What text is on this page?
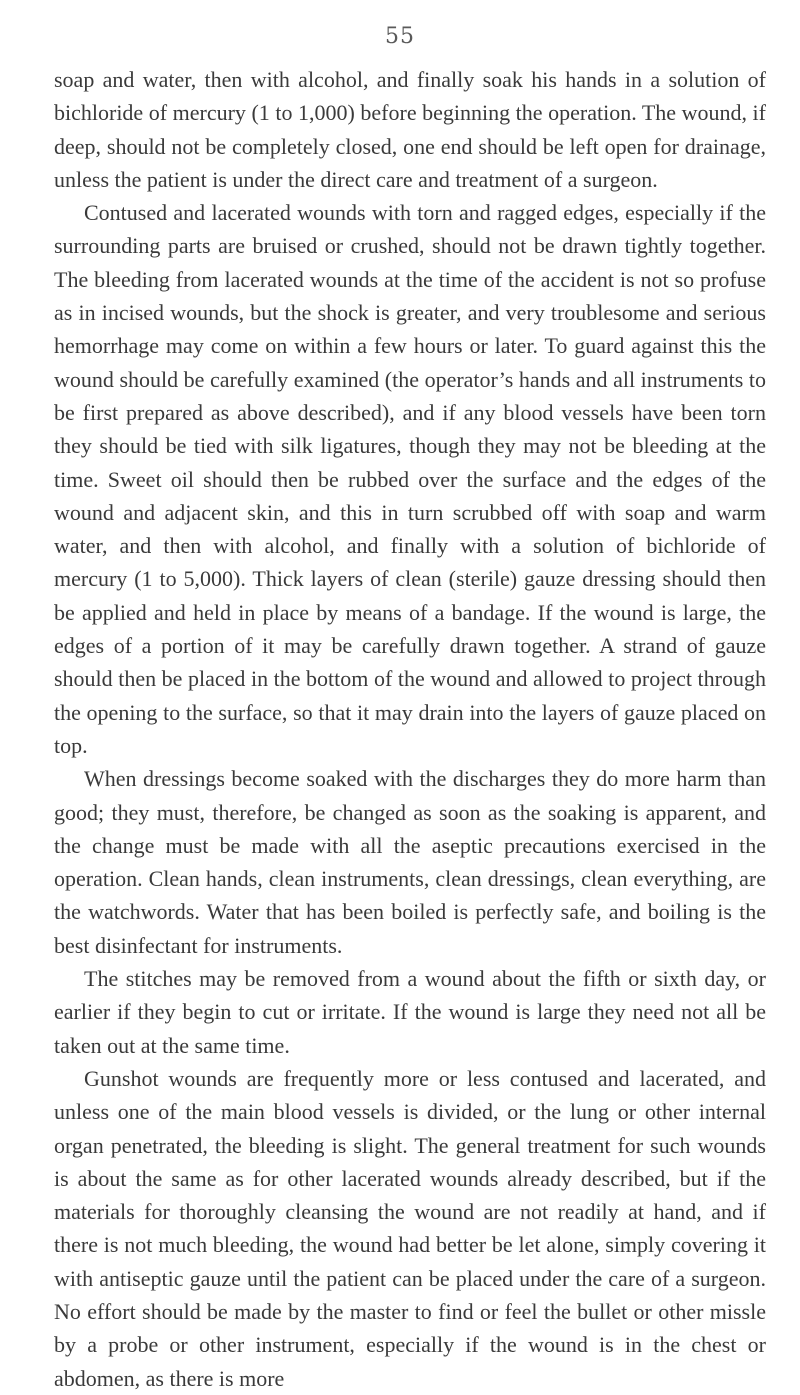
55

soap and water, then with alcohol, and finally soak his hands in a solution of bichloride of mercury (1 to 1,000) before beginning the operation. The wound, if deep, should not be completely closed, one end should be left open for drainage, unless the patient is under the direct care and treatment of a surgeon.

Contused and lacerated wounds with torn and ragged edges, especially if the surrounding parts are bruised or crushed, should not be drawn tightly together. The bleeding from lacerated wounds at the time of the accident is not so profuse as in incised wounds, but the shock is greater, and very troublesome and serious hemorrhage may come on within a few hours or later. To guard against this the wound should be carefully examined (the operator’s hands and all instruments to be first prepared as above described), and if any blood vessels have been torn they should be tied with silk ligatures, though they may not be bleeding at the time. Sweet oil should then be rubbed over the surface and the edges of the wound and adjacent skin, and this in turn scrubbed off with soap and warm water, and then with alcohol, and finally with a solution of bichloride of mercury (1 to 5,000). Thick layers of clean (sterile) gauze dressing should then be applied and held in place by means of a bandage. If the wound is large, the edges of a portion of it may be carefully drawn together. A strand of gauze should then be placed in the bottom of the wound and allowed to project through the opening to the surface, so that it may drain into the layers of gauze placed on top.

When dressings become soaked with the discharges they do more harm than good; they must, therefore, be changed as soon as the soaking is apparent, and the change must be made with all the aseptic precautions exercised in the operation. Clean hands, clean instruments, clean dressings, clean everything, are the watchwords. Water that has been boiled is perfectly safe, and boiling is the best disinfectant for instruments.

The stitches may be removed from a wound about the fifth or sixth day, or earlier if they begin to cut or irritate. If the wound is large they need not all be taken out at the same time.

Gunshot wounds are frequently more or less contused and lacerated, and unless one of the main blood vessels is divided, or the lung or other internal organ penetrated, the bleeding is slight. The general treatment for such wounds is about the same as for other lacerated wounds already described, but if the materials for thoroughly cleansing the wound are not readily at hand, and if there is not much bleeding, the wound had better be let alone, simply covering it with antiseptic gauze until the patient can be placed under the care of a surgeon. No effort should be made by the master to find or feel the bullet or other missle by a probe or other instrument, especially if the wound is in the chest or abdomen, as there is more
